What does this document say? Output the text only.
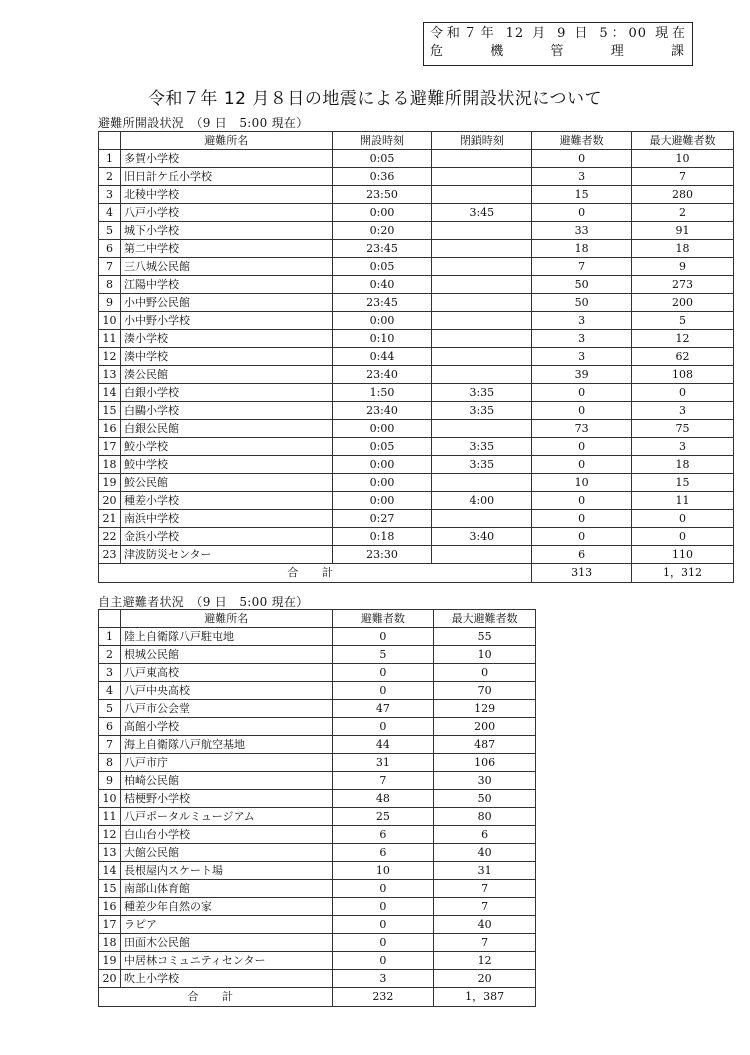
令和７年 12 月 9 日 5：00 現在
危 機 管 理 課
令和７年 12 月８日の地震による避難所開設状況について
避難所開設状況　（9 日　5:00 現在）
	避難所名	開設時刻	閉鎖時刻	避難者数	最大避難者数
1	多賀小学校	0:05		0	10
2	旧日計ケ丘小学校	0:36		3	7
3	北稜中学校	23:50		15	280
4	八戸小学校	0:00	3:45	0	2
5	城下小学校	0:20		33	91
6	第二中学校	23:45		18	18
7	三八城公民館	0:05		7	9
8	江陽中学校	0:40		50	273
9	小中野公民館	23:45		50	200
10	小中野小学校	0:00		3	5
11	湊小学校	0:10		3	12
12	湊中学校	0:44		3	62
13	湊公民館	23:40		39	108
14	白銀小学校	1:50	3:35	0	0
15	白鷗小学校	23:40	3:35	0	3
16	白銀公民館	0:00		73	75
17	鮫小学校	0:05	3:35	0	3
18	鮫中学校	0:00	3:35	0	18
19	鮫公民館	0:00		10	15
20	種差小学校	0:00	4:00	0	11
21	南浜中学校	0:27		0	0
22	金浜小学校	0:18	3:40	0	0
23	津波防災センター	23:30		6	110
合 計				313	1，312
自主避難者状況　（9 日　5:00 現在）
	避難所名	避難者数	最大避難者数
1	陸上自衛隊八戸駐屯地	0	55
2	根城公民館	5	10
3	八戸東高校	0	0
4	八戸中央高校	0	70
5	八戸市公会堂	47	129
6	高館小学校	0	200
7	海上自衛隊八戸航空基地	44	487
8	八戸市庁	31	106
9	柏崎公民館	7	30
10	桔梗野小学校	48	50
11	八戸ポータルミュージアム	25	80
12	白山台小学校	6	6
13	大館公民館	6	40
14	長根屋内スケート場	10	31
15	南部山体育館	0	7
16	種差少年自然の家	0	7
17	ラピア	0	40
18	田面木公民館	0	7
19	中居林コミュニティセンター	0	12
20	吹上小学校	3	20
合 計		232	1，387
